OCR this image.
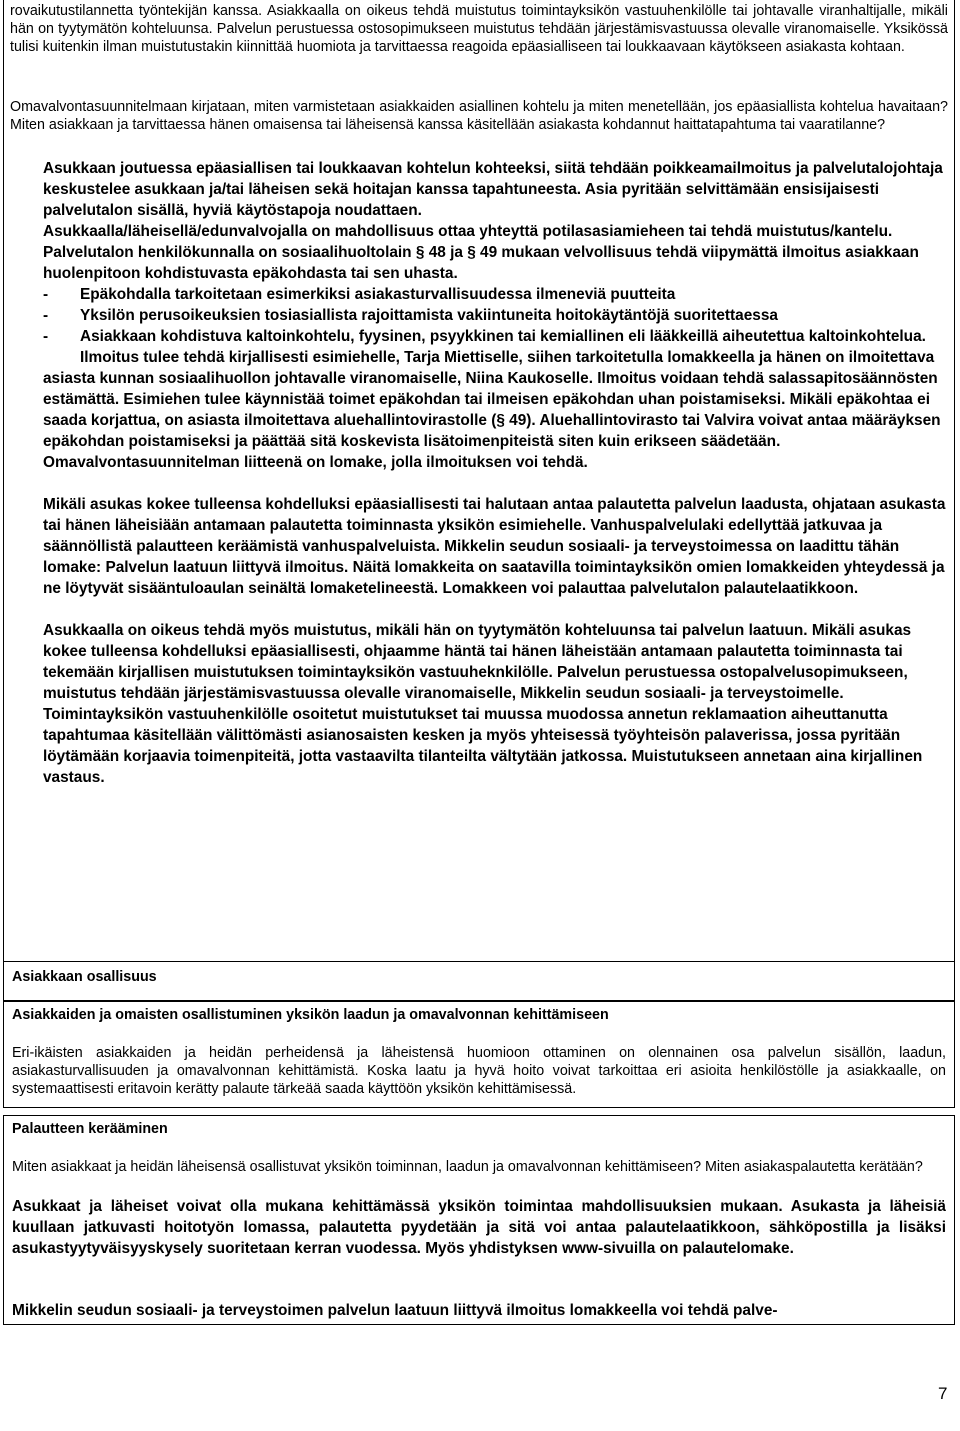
rovaikutustilannetta työntekijän kanssa. Asiakkaalla on oikeus tehdä muistutus toimintayksikön vastuuhenkilölle tai johtavalle viranhaltijalle, mikäli hän on tyytymätön kohteluunsa. Palvelun perustuessa ostosopimukseen muistutus tehdään järjestämisvastuussa olevalle viranomaiselle. Yksikössä tulisi kuitenkin ilman muistutustakin kiinnittää huomiota ja tarvittaessa reagoida epäasialliseen tai loukkaavaan käytökseen asiakasta kohtaan.

Omavalvontasuunnitelmaan kirjataan, miten varmistetaan asiakkaiden asiallinen kohtelu ja miten menetellään, jos epäasiallista kohtelua havaitaan? Miten asiakkaan ja tarvittaessa hänen omaisensa tai läheisensä kanssa käsitellään asiakasta kohdannut haittatapahtuma tai vaaratilanne?

Asukkaan joutuessa epäasiallisen tai loukkaavan kohtelun kohteeksi, siitä tehdään poikkeamailmoitus ja palvelutalojohtaja keskustelee asukkaan ja/tai läheisen sekä hoitajan kanssa tapahtuneesta. Asia pyritään selvittämään ensisijaisesti palvelutalon sisällä, hyviä käytöstapoja noudattaen.

Asukkaalla/läheisellä/edunvalvojalla on mahdollisuus ottaa yhteyttä potilasasiamieheen tai tehdä muistutus/kantelu.

Palvelutalon henkilökunnalla on sosiaalihuoltolain § 48 ja § 49 mukaan velvollisuus tehdä viipymättä ilmoitus asiakkaan huolenpitoon kohdistuvasta epäkohdasta tai sen uhasta.

-	Epäkohdalla tarkoitetaan esimerkiksi asiakasturvallisuudessa ilmeneviä puutteita
-	Yksilön perusoikeuksien tosiasiallista rajoittamista vakiintuneita hoitokäytäntöjä suoritettaessa
-	Asiakkaan kohdistuva kaltoinkohtelu, fyysinen, psyykkinen tai kemiallinen eli lääkkeillä aiheutettua kaltoinkohtelua.

Ilmoitus tulee tehdä kirjallisesti esimiehelle, Tarja Miettiselle, siihen tarkoitetulla lomakkeella ja hänen on ilmoitettava asiasta kunnan sosiaalihuollon johtavalle viranomaiselle, Niina Kaukoselle. Ilmoitus voidaan tehdä salassapitosäännösten estämättä. Esimiehen tulee käynnistää toimet epäkohdan tai ilmeisen epäkohdan uhan poistamiseksi. Mikäli epäkohtaa ei saada korjattua, on asiasta ilmoitettava aluehallintovirastolle (§ 49). Aluehallintovirasto tai Valvira voivat antaa määräyksen epäkohdan poistamiseksi ja päättää sitä koskevista lisätoimenpiteistä siten kuin erikseen säädetään.

Omavalvontasuunnitelman liitteenä on lomake, jolla ilmoituksen voi tehdä.

Mikäli asukas kokee tulleensa kohdelluksi epäasiallisesti tai halutaan antaa palautetta palvelun laadusta, ohjataan asukasta tai hänen läheisiään antamaan palautetta toiminnasta yksikön esimiehelle. Vanhuspalvelulaki edellyttää jatkuvaa ja säännöllistä palautteen keräämistä vanhuspalveluista. Mikkelin seudun sosiaali- ja terveystoimessa on laadittu tähän lomake: Palvelun laatuun liittyvä ilmoitus. Näitä lomakkeita on saatavilla toimintayksikön omien lomakkeiden yhteydessä ja ne löytyvät sisääntuloaulan seinältä lomaketelineestä. Lomakkeen voi palauttaa palvelutalon palautelaatikkoon.

Asukkaalla on oikeus tehdä myös muistutus, mikäli hän on tyytymätön kohteluunsa tai palvelun laatuun. Mikäli asukas kokee tulleensa kohdelluksi epäasiallisesti, ohjaamme häntä tai hänen läheistään antamaan palautetta toiminnasta tai tekemään kirjallisen muistutuksen toimintayksikön vastuuheknkilölle. Palvelun perustuessa ostopalvelusopimukseen, muistutus tehdään järjestämisvastuussa olevalle viranomaiselle, Mikkelin seudun sosiaali- ja terveystoimelle. Toimintayksikön vastuuhenkilölle osoitetut muistutukset tai muussa muodossa annetun reklamaation aiheuttanutta tapahtumaa käsitellään välittömästi asianosaisten kesken ja myös yhteisessä työyhteisön palaverissa, jossa pyritään löytämään korjaavia toimenpiteitä, jotta vastaavilta tilanteilta vältytään jatkossa. Muistutukseen annetaan aina kirjallinen vastaus.

Asiakkaan osallisuus

Asiakkaiden ja omaisten osallistuminen yksikön laadun ja omavalvonnan kehittämiseen

Eri-ikäisten asiakkaiden ja heidän perheidensä ja läheistensä huomioon ottaminen on olennainen osa palvelun sisällön, laadun, asiakasturvallisuuden ja omavalvonnan kehittämistä. Koska laatu ja hyvä hoito voivat tarkoittaa eri asioita henkilöstölle ja asiakkaalle, on systemaattisesti eritavoin kerätty palaute tärkeää saada käyttöön yksikön kehittämisessä.

Palautteen kerääminen

Miten asiakkaat ja heidän läheisensä osallistuvat yksikön toiminnan, laadun ja omavalvonnan kehittämiseen? Miten asiakaspalautetta kerätään?

Asukkaat ja läheiset voivat olla mukana kehittämässä yksikön toimintaa mahdollisuuksien mukaan. Asukasta ja läheisiä kuullaan jatkuvasti hoitotyön lomassa, palautetta pyydetään ja sitä voi antaa palautelaatikkoon, sähköpostilla ja lisäksi asukastyytyväisyyskysely suoritetaan kerran vuodessa. Myös yhdistyksen www-sivuilla on palautelomake.

Mikkelin seudun sosiaali- ja terveystoimen palvelun laatuun liittyvä ilmoitus lomakkeella voi tehdä palve-

7
